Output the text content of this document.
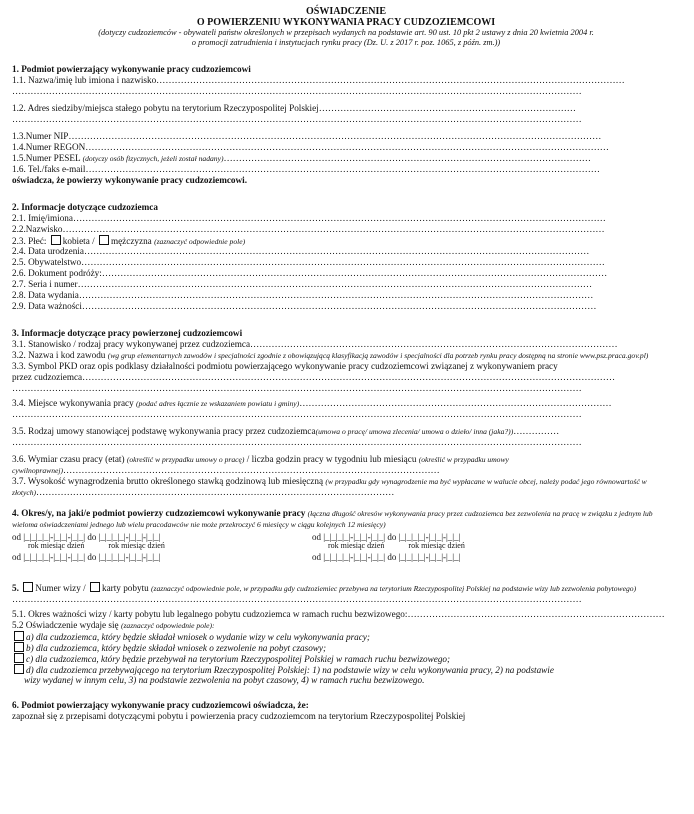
OŚWIADCZENIE
O POWIERZENIU WYKONYWANIA PRACY CUDZOZIEMCOWI
(dotyczy cudzoziemców - obywateli państw określonych w przepisach wydanych na podstawie art. 90 ust. 10 pkt 2 ustawy z dnia 20 kwietnia 2004 r.
o promocji zatrudnienia i instytucjach rynku pracy (Dz. U. z 2017 r. poz. 1065, z późn. zm.))
1. Podmiot powierzający wykonywanie pracy cudzoziemcowi
1.1. Nazwa/imię lub imiona i nazwisko………………………………………………………………………………………………………………………………………
……………………………………………………………………………………………………………………………………………………………………
1.2. Adres siedziby/miejsca stałego pobytu na terytorium Rzeczypospolitej Polskiej…………………………………………………………………………
……………………………………………………………………………………………………………………………………………………………………
1.3.Numer NIP…………………………………………………………………………………………………………………………………………………………
1.4.Numer REGON………………………………………………………………………………………………………………………………………………………
1.5.Numer PESEL (dotyczy osób fizycznych, jeżeli został nadany)…………………………………………………………………………………………………………
1.6. Tel./faks e-mail……………………………………………………………………………………………………………………………………………………
oświadcza, że powierzy wykonywanie pracy cudzoziemcowi.
2. Informacje dotyczące cudzoziemca
2.1. Imię/imiona…………………………………………………………………………………………………………………………………………………………
2.2.Nazwisko……………………………………………………………………………………………………………………………………………………………
2.3. Płeć: kobieta / mężczyzna (zaznaczyć odpowiednie pole)
2.4. Data urodzenia…………………………………………………………………………………………………………………………………………………
2.5. Obywatelstwo………………………………………………………………………………………………………………………………………………………
2.6. Dokument podróży:…………………………………………………………………………………………………………………………………………………
2.7. Seria i numer……………………………………………………………………………………………………………………………………………………
2.8. Data wydania……………………………………………………………………………………………………………………………………………………
2.9. Data ważności……………………………………………………………………………………………………………………………………………………
3. Informacje dotyczące pracy powierzonej cudzoziemcowi
3.1. Stanowisko / rodzaj pracy wykonywanej przez cudzoziemca…………………………………………………………………………………………………………
3.2. Nazwa i kod zawodu (wg grup elementarnych zawodów i specjalności zgodnie z obowiązującą klasyfikacją zawodów i specjalności dla potrzeb rynku pracy dostępną na stronie www.psz.praca.gov.pl)
3.3. Symbol PKD oraz opis podklasy działalności podmiotu powierzającego wykonywanie pracy cudzoziemcowi związanej z wykonywaniem pracy
przez cudzoziemca…………………………………………………………………………………………………………………………………………………………
……………………………………………………………………………………………………………………………………………………………………
3.4. Miejsce wykonywania pracy (podać adres łącznie ze wskazaniem powiatu i gminy)…………………………………………………………………………………………
……………………………………………………………………………………………………………………………………………………………………
3.5. Rodzaj umowy stanowiącej podstawę wykonywania pracy przez cudzoziemca(umowa o pracę/ umowa zlecenia/ umowa o dzieło/ inna (jaka?))……………
……………………………………………………………………………………………………………………………………………………………………
3.6. Wymiar czasu pracy (etat) (określić w przypadku umowy o pracę) / liczba godzin pracy w tygodniu lub miesiącu (określić w przypadku umowy cywilnoprawnej)……………………………………………………………………………………………………………
3.7. Wysokość wynagrodzenia brutto określonego stawką godzinową lub miesięczną (w przypadku gdy wynagrodzenie ma być wypłacane w walucie obcej, należy podać jego równowartość w złotych)………………………………………………………………………………………………………
4. Okres/y, na jaki/e podmiot powierzy cudzoziemcowi wykonywanie pracy (łączna długość okresów wykonywania pracy przez cudzoziemca bez zezwolenia na pracę w związku z jednym lub wieloma oświadczeniami jednego lub wielu pracodawców nie może przekroczyć 6 miesięcy w ciągu kolejnych 12 miesięcy)
od |_|_|_|_|-|_|_|-|_|_| do |_|_|_|_|-|_|_|-|_|_|	od |_|_|_|_|-|_|_|-|_|_| do |_|_|_|_|-|_|_|-|_|_|
rok miesiąc dzień	rok miesiąc dzień	rok miesiąc dzień	rok miesiąc dzień
od |_|_|_|_|-|_|_|-|_|_| do |_|_|_|_|-|_|_|-|_|_|	od |_|_|_|_|-|_|_|-|_|_| do |_|_|_|_|-|_|_|-|_|_|
5. Numer wizy / karty pobytu (zaznaczyć odpowiednie pole, w przypadku gdy cudzoziemiec przebywa na terytorium Rzeczypospolitej Polskiej na podstawie wizy lub zezwolenia pobytowego)
……………………………………………………………………………………………………………………………………………………………………
5.1. Okres ważności wizy / karty pobytu lub legalnego pobytu cudzoziemca w ramach ruchu bezwizowego:…………………………………………………………………………
5.2 Oświadczenie wydaje się (zaznaczyć odpowiednie pole):
a) dla cudzoziemca, który będzie składał wniosek o wydanie wizy w celu wykonywania pracy;
b) dla cudzoziemca, który będzie składał wniosek o zezwolenie na pobyt czasowy;
c) dla cudzoziemca, który będzie przebywał na terytorium Rzeczypospolitej Polskiej w ramach ruchu bezwizowego;
d) dla cudzoziemca przebywającego na terytorium Rzeczypospolitej Polskiej: 1) na podstawie wizy w celu wykonywania pracy, 2) na podstawie
wizy wydanej w innym celu, 3) na podstawie zezwolenia na pobyt czasowy, 4) w ramach ruchu bezwizowego.
6. Podmiot powierzający wykonywanie pracy cudzoziemcowi oświadcza, że:
zapoznał się z przepisami dotyczącymi pobytu i powierzenia pracy cudzoziemcom na terytorium Rzeczypospolitej Polskiej
